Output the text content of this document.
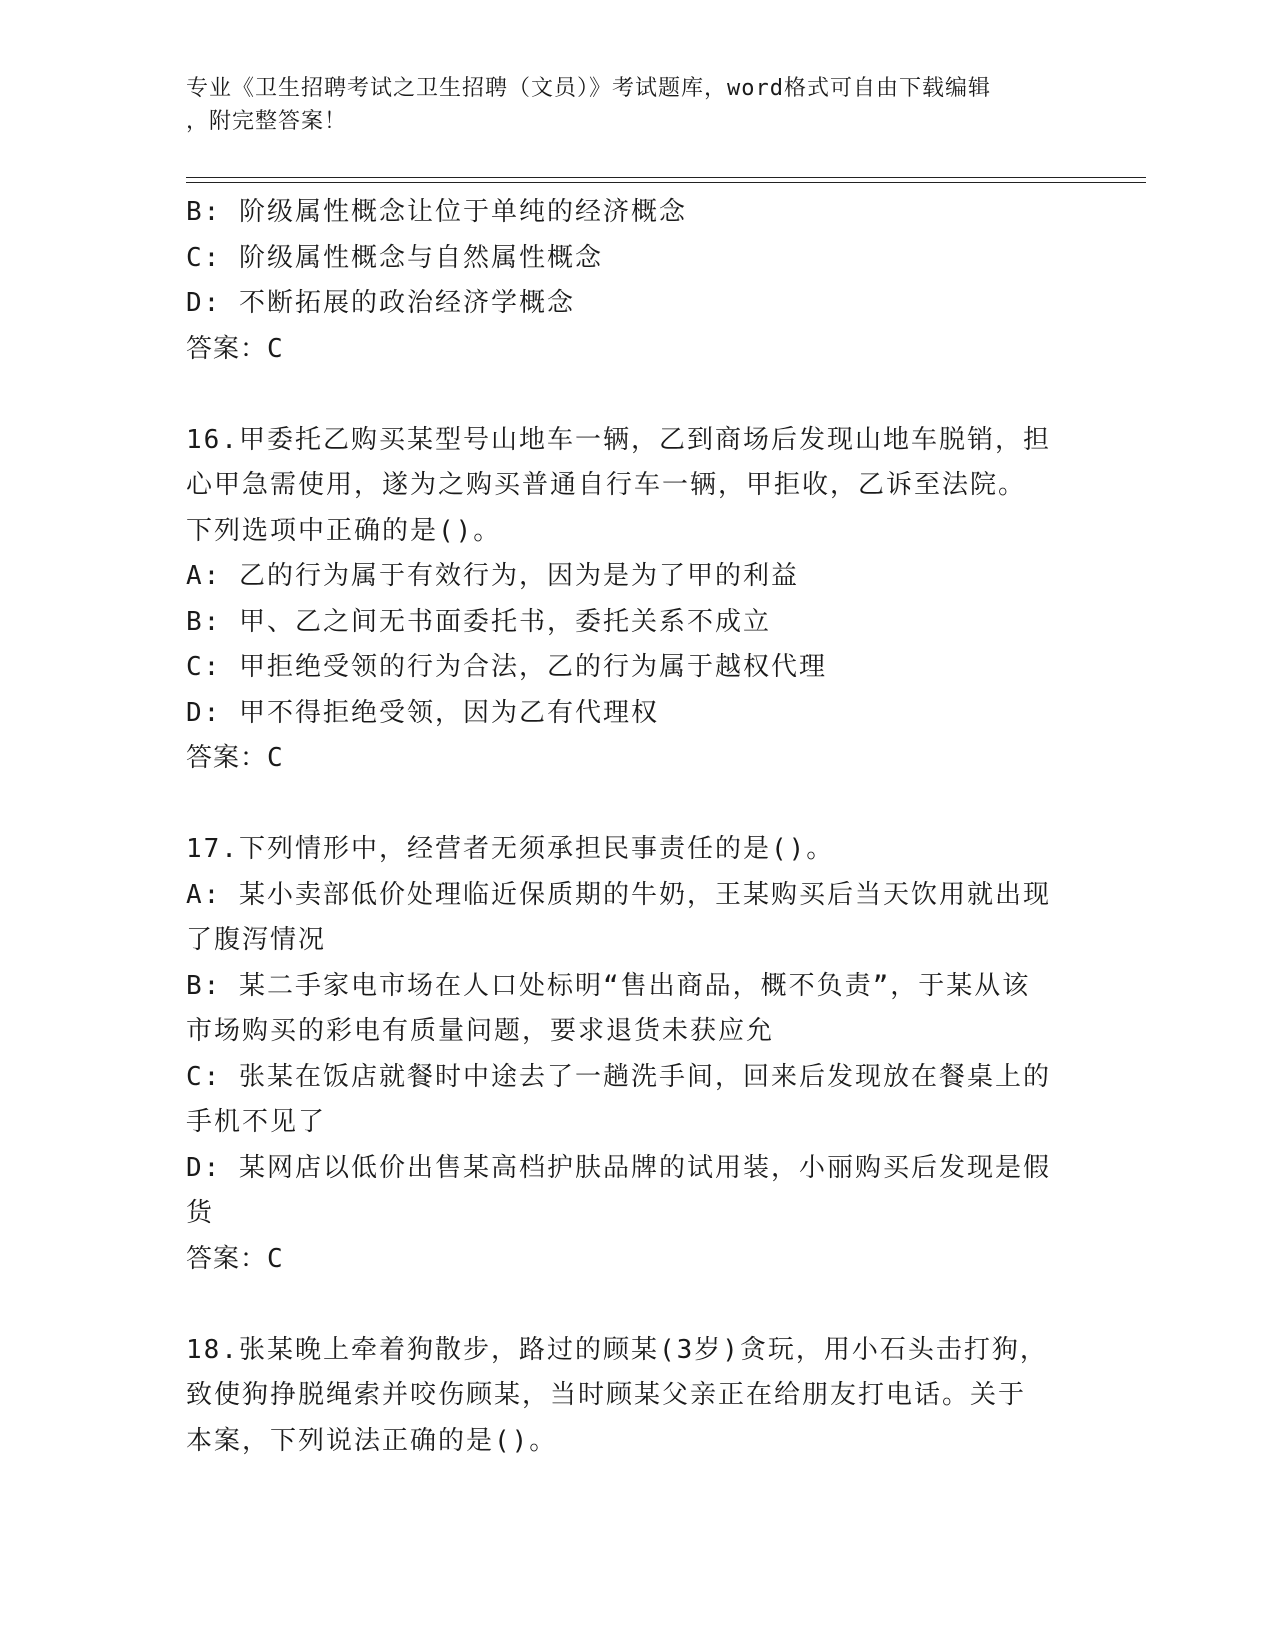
专业《卫生招聘考试之卫生招聘（文员）》考试题库，word格式可自由下载编辑
，附完整答案！
B: 阶级属性概念让位于单纯的经济概念
C: 阶级属性概念与自然属性概念
D: 不断拓展的政治经济学概念
答案：C
16.甲委托乙购买某型号山地车一辆，乙到商场后发现山地车脱销，担
心甲急需使用，遂为之购买普通自行车一辆，甲拒收，乙诉至法院。
下列选项中正确的是()。
A: 乙的行为属于有效行为，因为是为了甲的利益
B: 甲、乙之间无书面委托书，委托关系不成立
C: 甲拒绝受领的行为合法，乙的行为属于越权代理
D: 甲不得拒绝受领，因为乙有代理权
答案：C
17.下列情形中，经营者无须承担民事责任的是()。
A: 某小卖部低价处理临近保质期的牛奶，王某购买后当天饮用就出现
了腹泻情况
B: 某二手家电市场在人口处标明“售出商品，概不负责”，于某从该
市场购买的彩电有质量问题，要求退货未获应允
C: 张某在饭店就餐时中途去了一趟洗手间，回来后发现放在餐桌上的
手机不见了
D: 某网店以低价出售某高档护肤品牌的试用装，小丽购买后发现是假
货
答案：C
18.张某晚上牵着狗散步，路过的顾某(3岁)贪玩，用小石头击打狗，
致使狗挣脱绳索并咬伤顾某，当时顾某父亲正在给朋友打电话。关于
本案，下列说法正确的是()。
